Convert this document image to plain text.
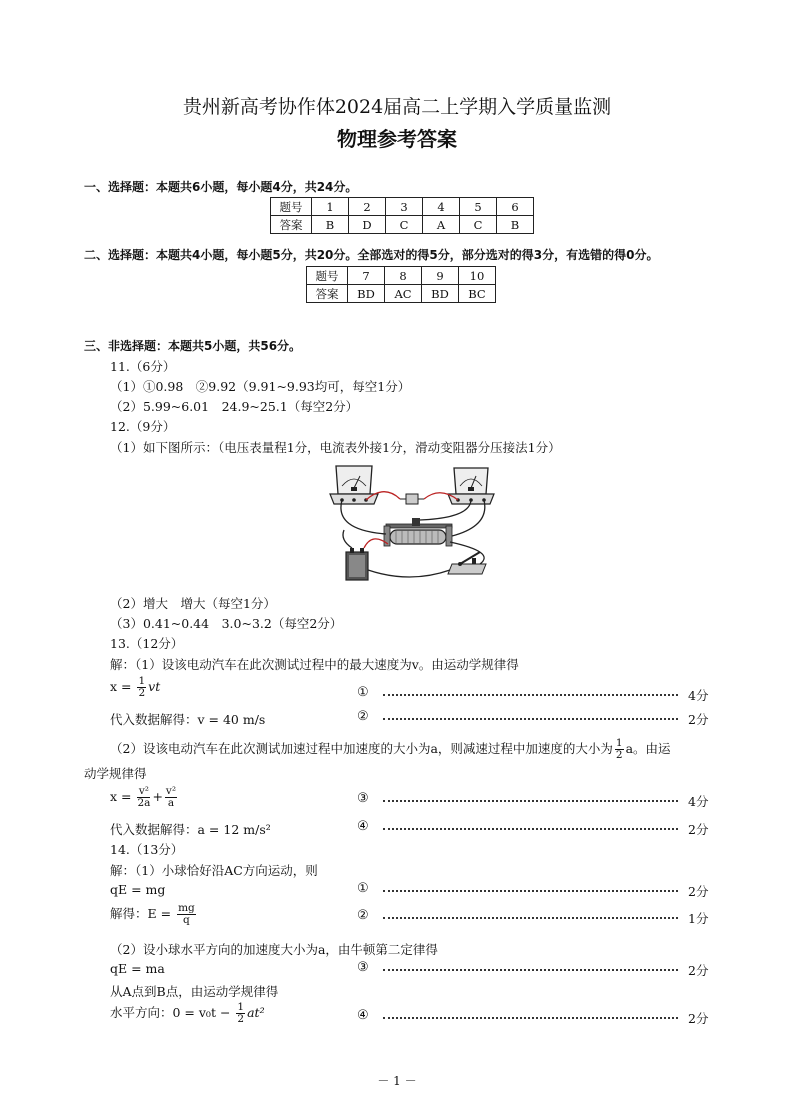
贵州新高考协作体2024届高二上学期入学质量监测
物理参考答案
一、选择题：本题共6小题，每小题4分，共24分。
题号	1	2	3	4	5	6
答案	B	D	C	A	C	B
二、选择题：本题共4小题，每小题5分，共20分。全部选对的得5分，部分选对的得3分，有选错的得0分。
题号	7	8	9	10
答案	BD	AC	BD	BC
三、非选择题：本题共5小题，共56分。
11.（6分）
（1）①0.98　②9.92（9.91~9.93均可，每空1分）
（2）5.99~6.01　24.9~25.1（每空2分）
12.（9分）
（1）如下图所示：（电压表量程1分，电流表外接1分，滑动变阻器分压接法1分）
（2）增大　增大（每空1分）
（3）0.41~0.44　3.0~3.2（每空2分）
13.（12分）
解：（1）设该电动汽车在此次测试过程中的最大速度为v。由运动学规律得
$x = \frac{1}{2}$ vt	①	4分
代入数据解得：v = 40 m/s	②	2分
（2）设该电动汽车在此次测试加速过程中加速度的大小为a，则减速过程中加速度的大小为 $\frac{1}{2}$ a。由运
动学规律得
$x = \frac{\text{v²}}{2a} + \frac{\text{v²}}{a}$	③	4分
代入数据解得：a = 12 m/s²	④	2分
14.（13分）
解：（1）小球恰好沿AC方向运动，则
qE = mg	①	2分
解得：$E = \frac{mg}{q}$	②	1分
（2）设小球水平方向的加速度大小为a，由牛顿第二定律得
qE = ma	③	2分
从A点到B点，由运动学规律得
水平方向：$0 = v_0t - \frac{1}{2} at^2$	④	2分
－ 1 －
